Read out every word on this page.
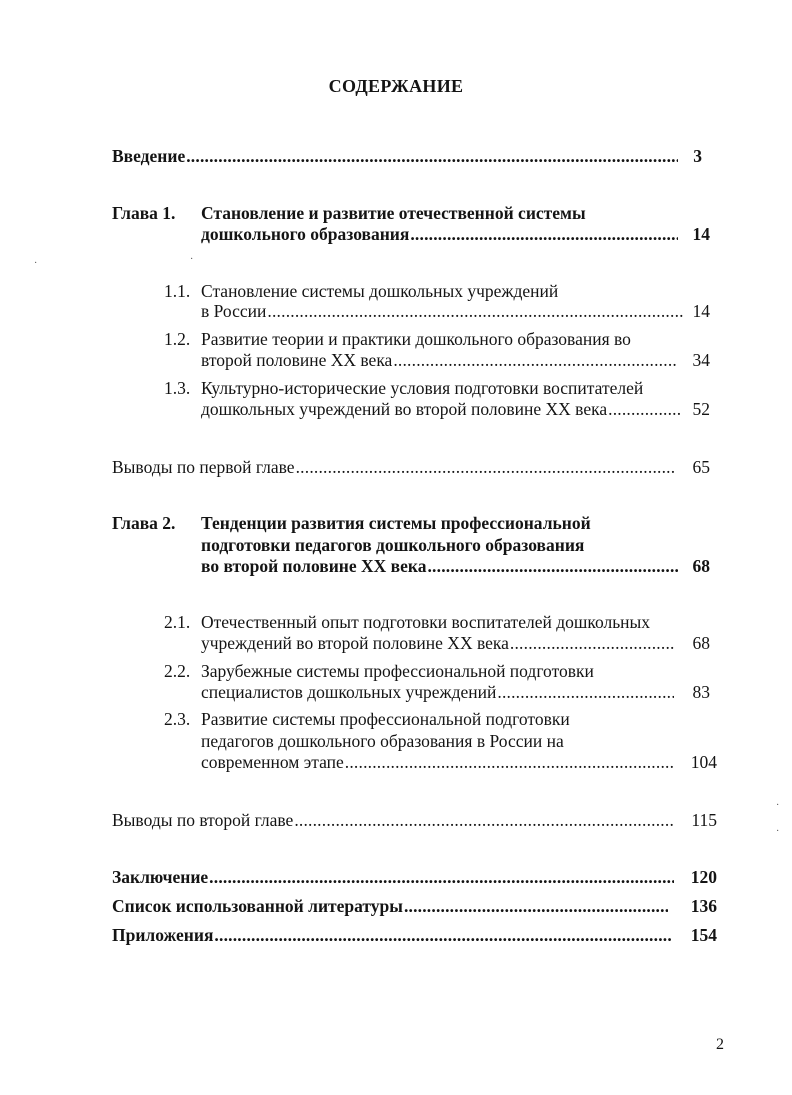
СОДЕРЖАНИЕ
Введение .....	3
Глава 1. Становление и развитие отечественной системы
дошкольного образования .....	14
1.1. Становление системы дошкольных учреждений
в России .....	14
1.2. Развитие теории и практики дошкольного образования во
второй половине XX века .....	34
1.3. Культурно-исторические условия подготовки воспитателей
дошкольных учреждений во второй половине XX века .....	52
Выводы по первой главе .....	65
Глава 2. Тенденции развития системы профессиональной
подготовки педагогов дошкольного образования
во второй половине XX века .....	68
2.1. Отечественный опыт подготовки воспитателей дошкольных
учреждений во второй половине XX века .....	68
2.2. Зарубежные системы профессиональной подготовки
специалистов дошкольных учреждений .....	83
2.3. Развитие системы профессиональной подготовки
педагогов дошкольного образования в России на
современном этапе .....	104
Выводы по второй главе .....	115
Заключение .....	120
Список использованной литературы .....	136
Приложения .....	154
2
·	·
·
·
